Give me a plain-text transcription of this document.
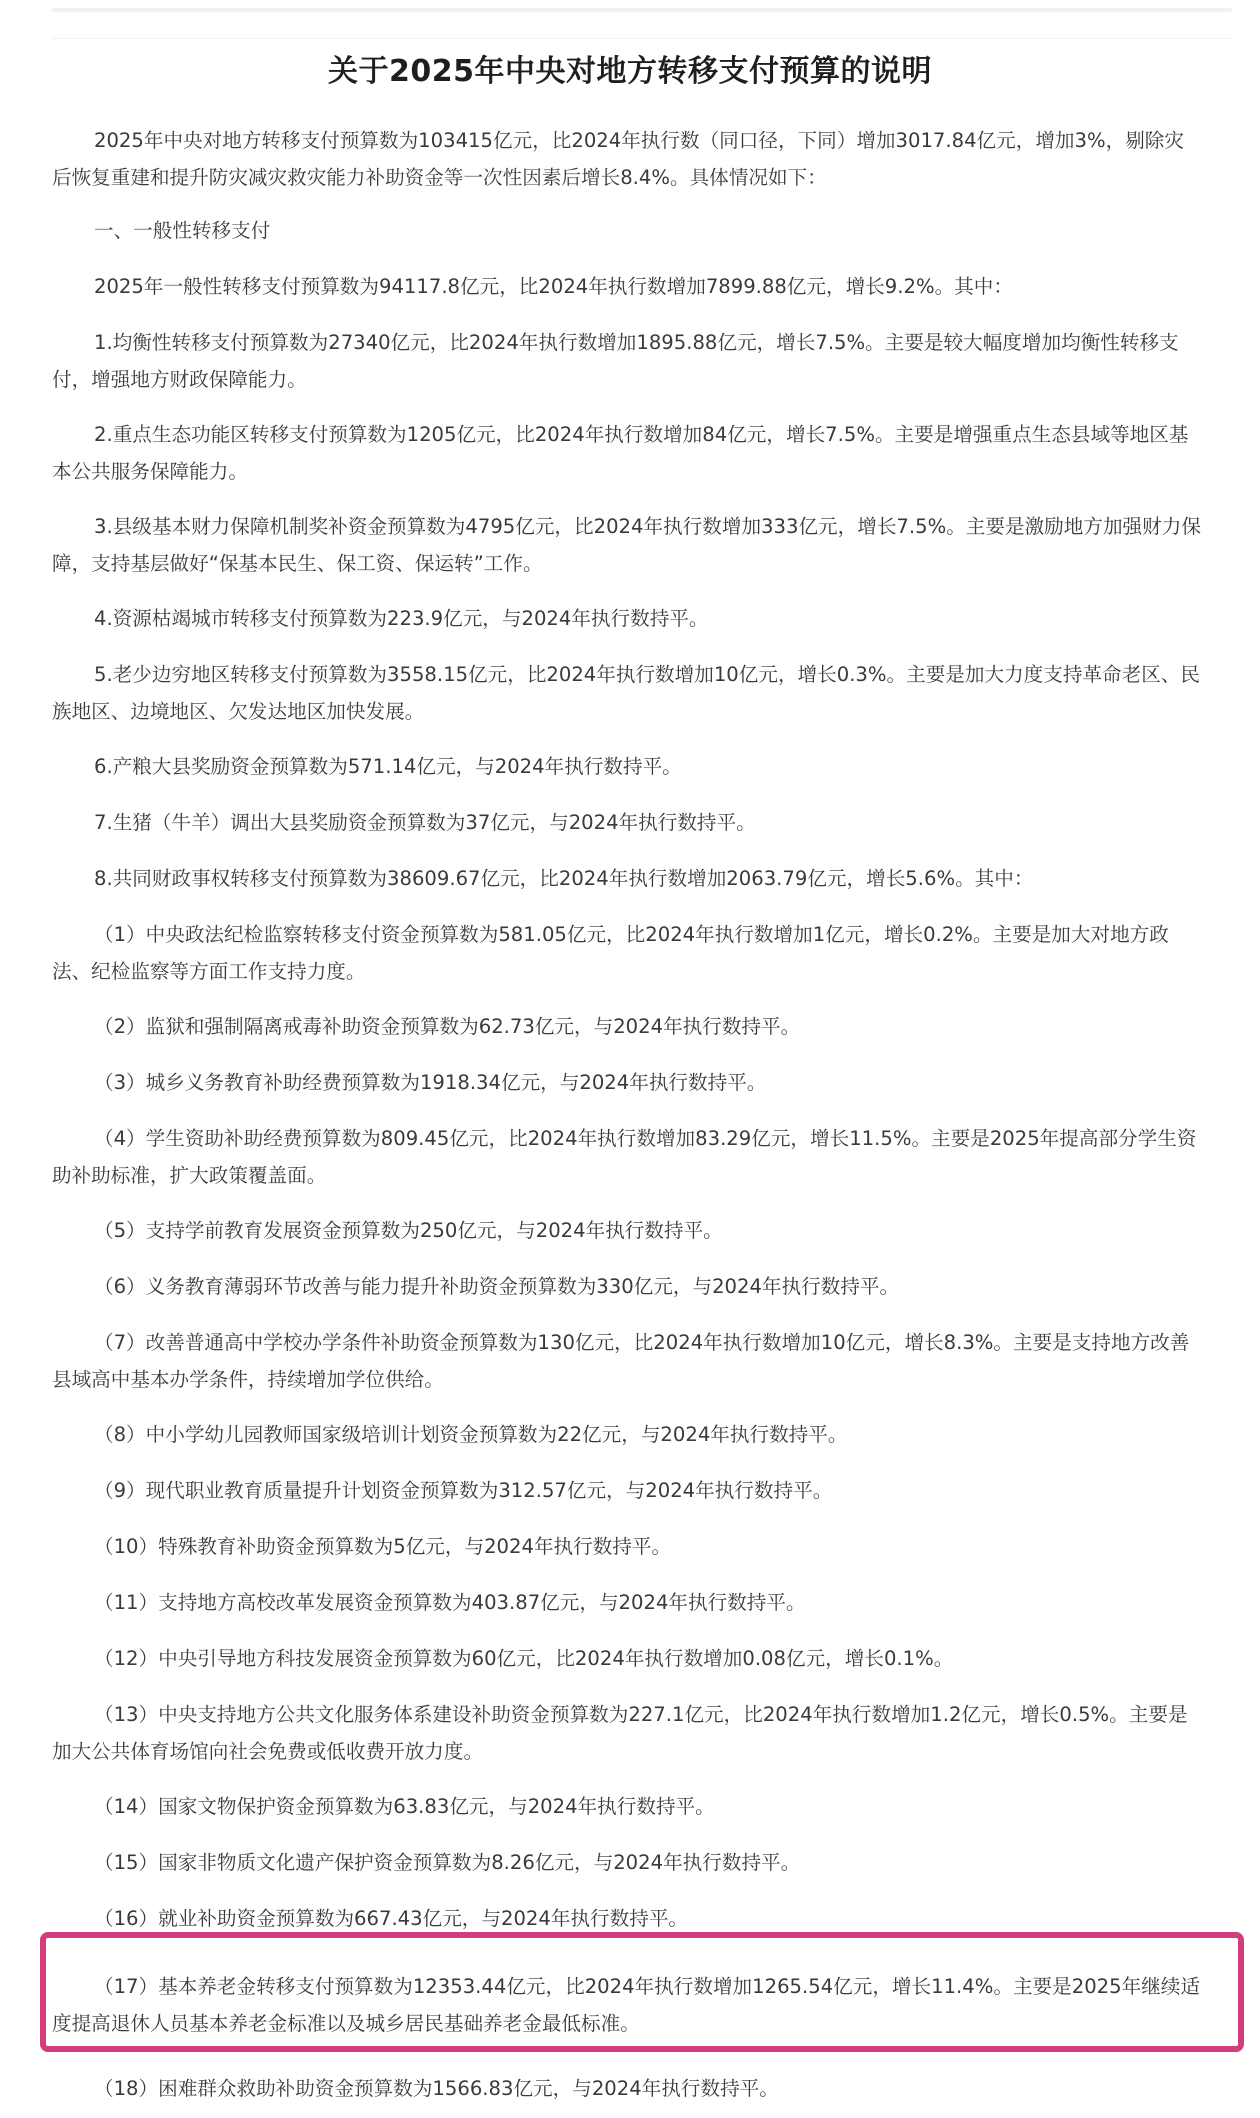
关于2025年中央对地方转移支付预算的说明

2025年中央对地方转移支付预算数为103415亿元，比2024年执行数（同口径，下同）增加3017.84亿元，增加3%，剔除灾后恢复重建和提升防灾减灾救灾能力补助资金等一次性因素后增长8.4%。具体情况如下：

一、一般性转移支付

2025年一般性转移支付预算数为94117.8亿元，比2024年执行数增加7899.88亿元，增长9.2%。其中：

1.均衡性转移支付预算数为27340亿元，比2024年执行数增加1895.88亿元，增长7.5%。主要是较大幅度增加均衡性转移支付，增强地方财政保障能力。

2.重点生态功能区转移支付预算数为1205亿元，比2024年执行数增加84亿元，增长7.5%。主要是增强重点生态县域等地区基本公共服务保障能力。

3.县级基本财力保障机制奖补资金预算数为4795亿元，比2024年执行数增加333亿元，增长7.5%。主要是激励地方加强财力保障，支持基层做好“保基本民生、保工资、保运转”工作。

4.资源枯竭城市转移支付预算数为223.9亿元，与2024年执行数持平。

5.老少边穷地区转移支付预算数为3558.15亿元，比2024年执行数增加10亿元，增长0.3%。主要是加大力度支持革命老区、民族地区、边境地区、欠发达地区加快发展。

6.产粮大县奖励资金预算数为571.14亿元，与2024年执行数持平。

7.生猪（牛羊）调出大县奖励资金预算数为37亿元，与2024年执行数持平。

8.共同财政事权转移支付预算数为38609.67亿元，比2024年执行数增加2063.79亿元，增长5.6%。其中：

（1）中央政法纪检监察转移支付资金预算数为581.05亿元，比2024年执行数增加1亿元，增长0.2%。主要是加大对地方政法、纪检监察等方面工作支持力度。

（2）监狱和强制隔离戒毒补助资金预算数为62.73亿元，与2024年执行数持平。

（3）城乡义务教育补助经费预算数为1918.34亿元，与2024年执行数持平。

（4）学生资助补助经费预算数为809.45亿元，比2024年执行数增加83.29亿元，增长11.5%。主要是2025年提高部分学生资助补助标准，扩大政策覆盖面。

（5）支持学前教育发展资金预算数为250亿元，与2024年执行数持平。

（6）义务教育薄弱环节改善与能力提升补助资金预算数为330亿元，与2024年执行数持平。

（7）改善普通高中学校办学条件补助资金预算数为130亿元，比2024年执行数增加10亿元，增长8.3%。主要是支持地方改善县域高中基本办学条件，持续增加学位供给。

（8）中小学幼儿园教师国家级培训计划资金预算数为22亿元，与2024年执行数持平。

（9）现代职业教育质量提升计划资金预算数为312.57亿元，与2024年执行数持平。

（10）特殊教育补助资金预算数为5亿元，与2024年执行数持平。

（11）支持地方高校改革发展资金预算数为403.87亿元，与2024年执行数持平。

（12）中央引导地方科技发展资金预算数为60亿元，比2024年执行数增加0.08亿元，增长0.1%。

（13）中央支持地方公共文化服务体系建设补助资金预算数为227.1亿元，比2024年执行数增加1.2亿元，增长0.5%。主要是加大公共体育场馆向社会免费或低收费开放力度。

（14）国家文物保护资金预算数为63.83亿元，与2024年执行数持平。

（15）国家非物质文化遗产保护资金预算数为8.26亿元，与2024年执行数持平。

（16）就业补助资金预算数为667.43亿元，与2024年执行数持平。

（17）基本养老金转移支付预算数为12353.44亿元，比2024年执行数增加1265.54亿元，增长11.4%。主要是2025年继续适度提高退休人员基本养老金标准以及城乡居民基础养老金最低标准。

（18）困难群众救助补助资金预算数为1566.83亿元，与2024年执行数持平。
